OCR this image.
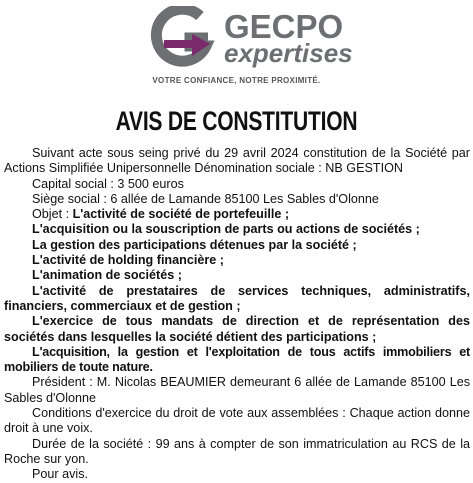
GECPO
expertises
VOTRE CONFIANCE, NOTRE PROXIMITÉ.
AVIS DE CONSTITUTION

Suivant acte sous seing privé du 29 avril 2024 constitution de la Société par Actions Simplifiée Unipersonnelle Dénomination sociale : NB GESTION

Capital social : 3 500 euros

Siège social : 6 allée de Lamande 85100 Les Sables d'Olonne

Objet : L'activité de société de portefeuille ;

L'acquisition ou la souscription de parts ou actions de sociétés ;

La gestion des participations détenues par la société ;

L'activité de holding financière ;

L'animation de sociétés ;

L'activité de prestataires de services techniques, administratifs, financiers, commerciaux et de gestion ;

L'exercice de tous mandats de direction et de représentation des sociétés dans lesquelles la société détient des participations ;

L'acquisition, la gestion et l'exploitation de tous actifs immobiliers et mobiliers de toute nature.

Président : M. Nicolas BEAUMIER demeurant 6 allée de Lamande 85100 Les Sables d'Olonne

Conditions d'exercice du droit de vote aux assemblées : Chaque action donne droit à une voix.

Durée de la société : 99 ans à compter de son immatriculation au RCS de la Roche sur yon.

Pour avis.
